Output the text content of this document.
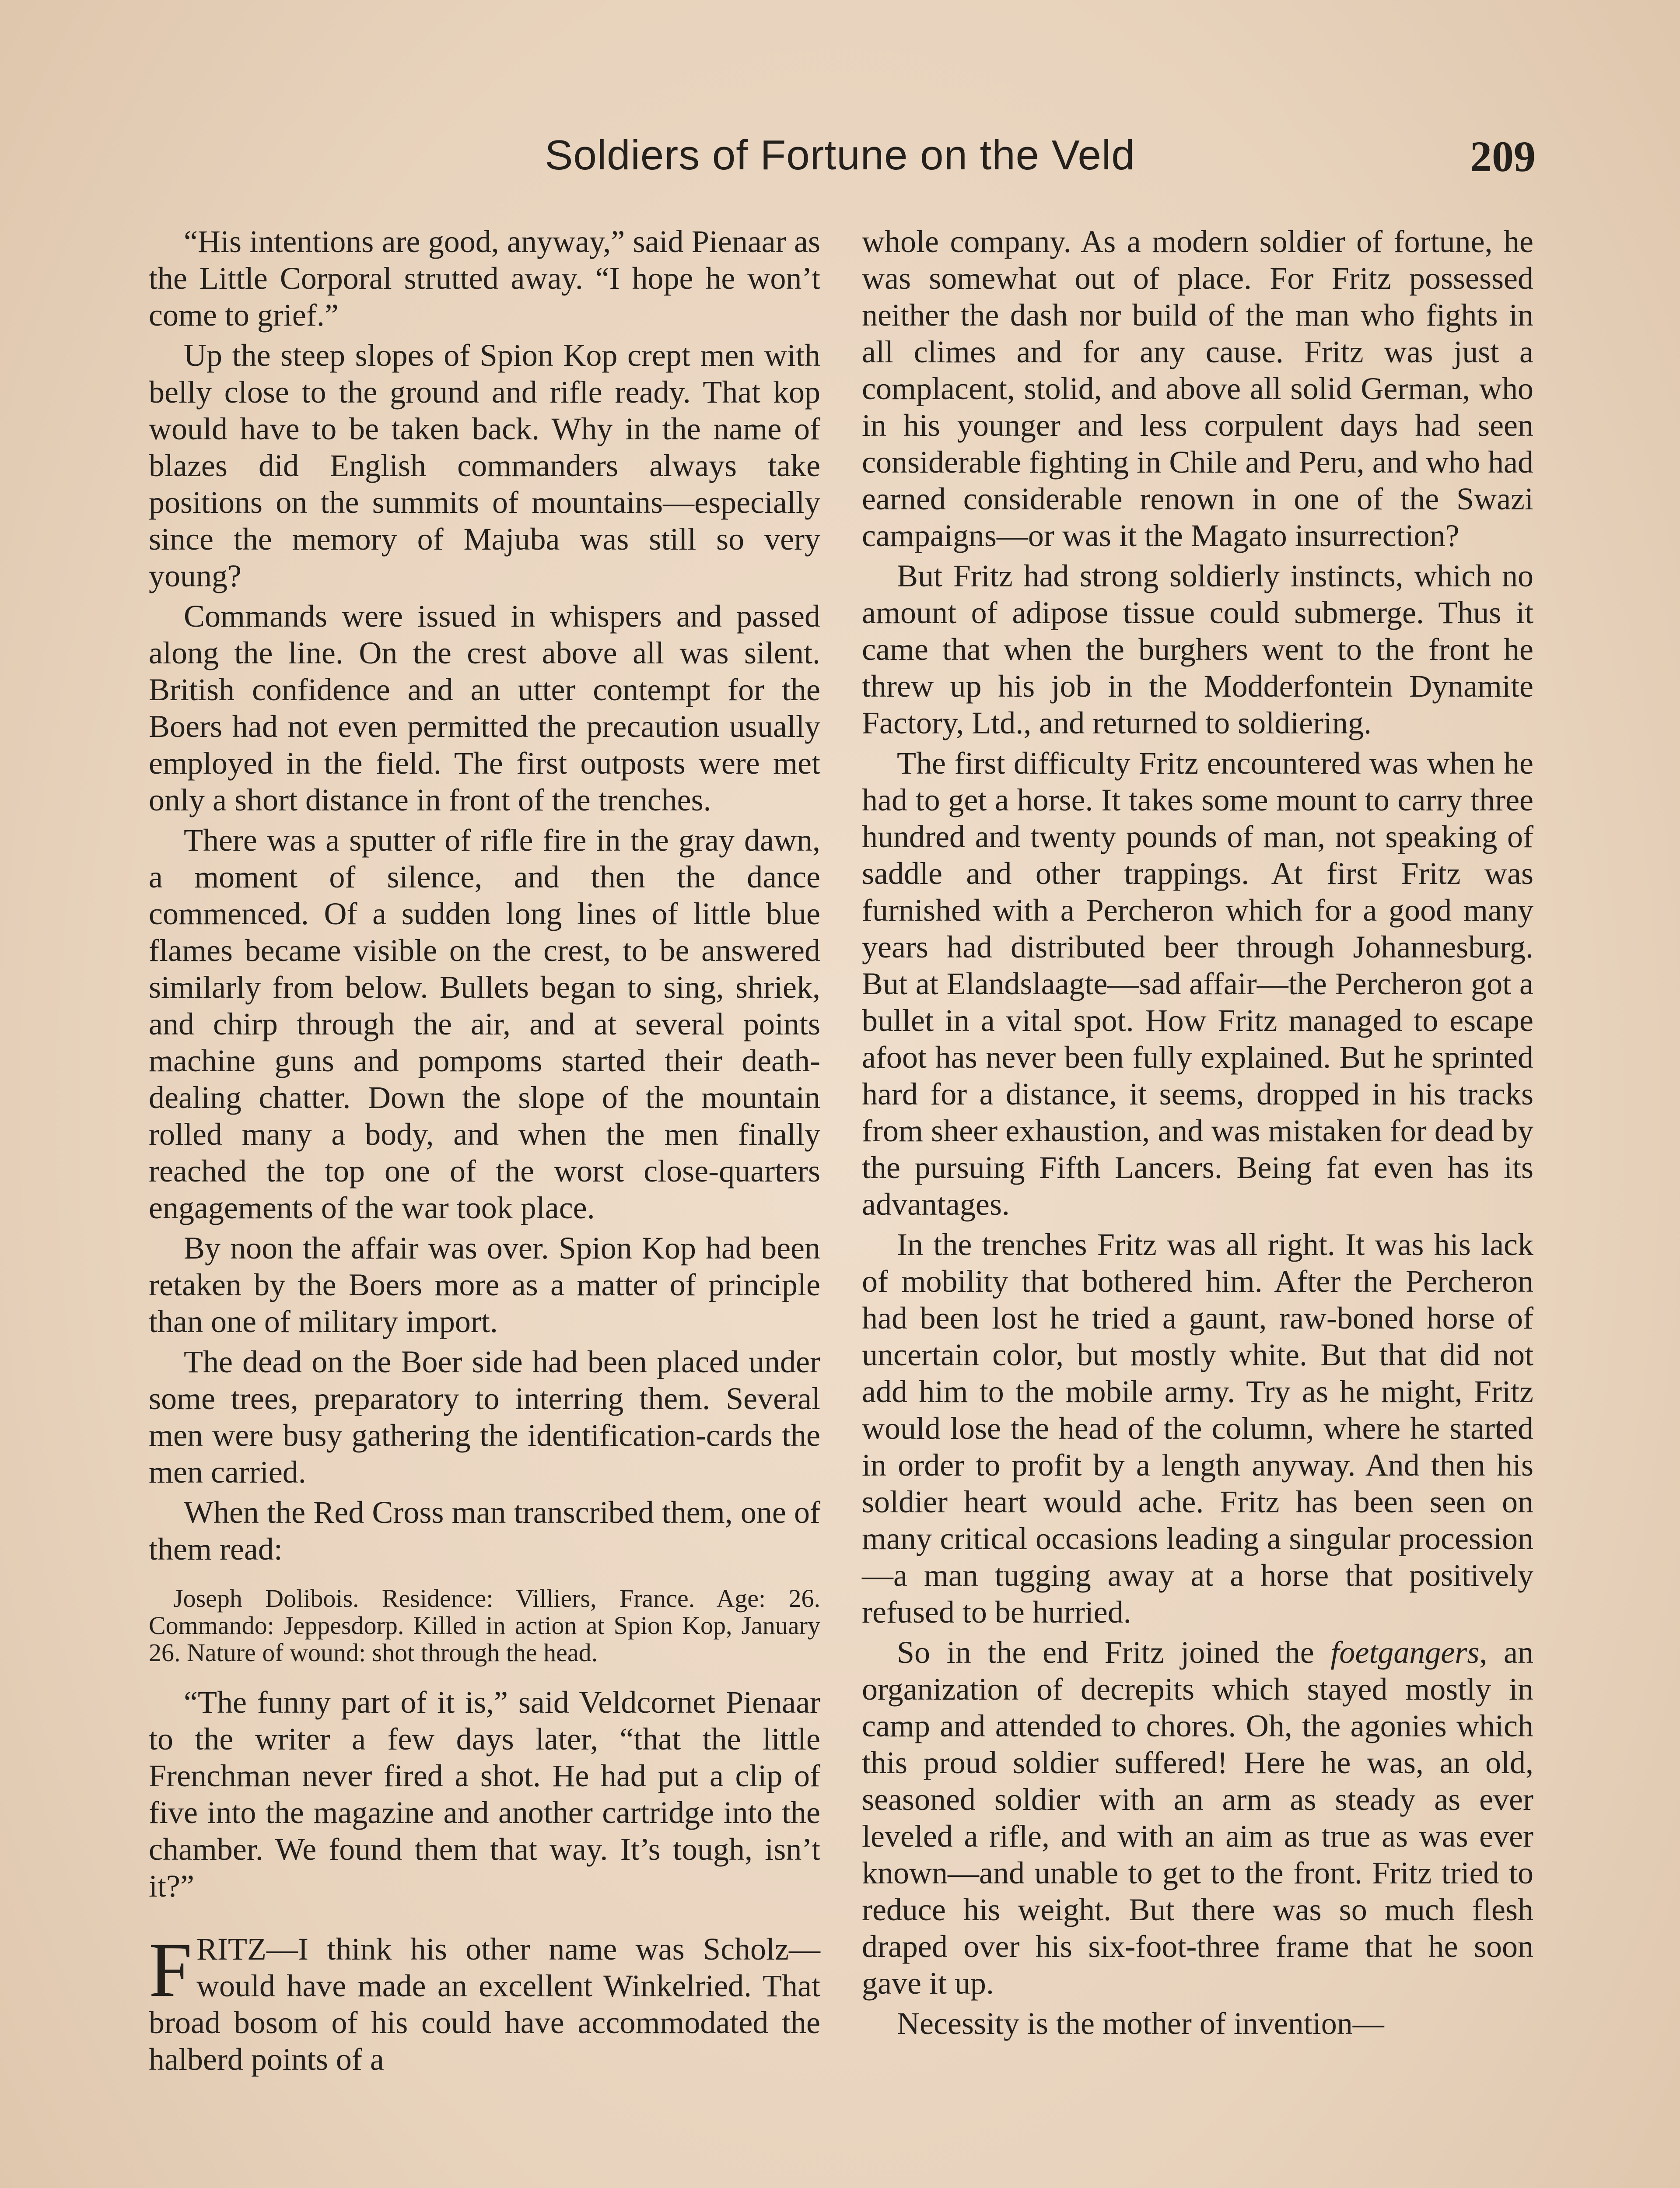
Soldiers of Fortune on the Veld	209

“His intentions are good, anyway,” said Pienaar as the Little Corporal strutted away. “I hope he won’t come to grief.”

Up the steep slopes of Spion Kop crept men with belly close to the ground and rifle ready. That kop would have to be taken back. Why in the name of blazes did English commanders always take positions on the summits of mountains—especially since the memory of Majuba was still so very young?

Commands were issued in whispers and passed along the line. On the crest above all was silent. British confidence and an utter contempt for the Boers had not even permitted the precaution usually employed in the field. The first outposts were met only a short distance in front of the trenches.

There was a sputter of rifle fire in the gray dawn, a moment of silence, and then the dance commenced. Of a sudden long lines of little blue flames became visible on the crest, to be answered similarly from below. Bullets began to sing, shriek, and chirp through the air, and at several points machine guns and pompoms started their death-dealing chatter. Down the slope of the mountain rolled many a body, and when the men finally reached the top one of the worst close-quarters engagements of the war took place.

By noon the affair was over. Spion Kop had been retaken by the Boers more as a matter of principle than one of military import.

The dead on the Boer side had been placed under some trees, preparatory to interring them. Several men were busy gathering the identification-cards the men carried.

When the Red Cross man transcribed them, one of them read:

Joseph Dolibois. Residence: Villiers, France. Age: 26. Commando: Jeppesdorp. Killed in action at Spion Kop, January 26. Nature of wound: shot through the head.

“The funny part of it is,” said Veldcornet Pienaar to the writer a few days later, “that the little Frenchman never fired a shot. He had put a clip of five into the magazine and another cartridge into the chamber. We found them that way. It’s tough, isn’t it?”

FRITZ—I think his other name was Scholz—would have made an excellent Winkelried. That broad bosom of his could have accommodated the halberd points of a

whole company. As a modern soldier of fortune, he was somewhat out of place. For Fritz possessed neither the dash nor build of the man who fights in all climes and for any cause. Fritz was just a complacent, stolid, and above all solid German, who in his younger and less corpulent days had seen considerable fighting in Chile and Peru, and who had earned considerable renown in one of the Swazi campaigns—or was it the Magato insurrection?

But Fritz had strong soldierly instincts, which no amount of adipose tissue could submerge. Thus it came that when the burghers went to the front he threw up his job in the Modderfontein Dynamite Factory, Ltd., and returned to soldiering.

The first difficulty Fritz encountered was when he had to get a horse. It takes some mount to carry three hundred and twenty pounds of man, not speaking of saddle and other trappings. At first Fritz was furnished with a Percheron which for a good many years had distributed beer through Johannesburg. But at Elandslaagte—sad affair—the Percheron got a bullet in a vital spot. How Fritz managed to escape afoot has never been fully explained. But he sprinted hard for a distance, it seems, dropped in his tracks from sheer exhaustion, and was mistaken for dead by the pursuing Fifth Lancers. Being fat even has its advantages.

In the trenches Fritz was all right. It was his lack of mobility that bothered him. After the Percheron had been lost he tried a gaunt, raw-boned horse of uncertain color, but mostly white. But that did not add him to the mobile army. Try as he might, Fritz would lose the head of the column, where he started in order to profit by a length anyway. And then his soldier heart would ache. Fritz has been seen on many critical occasions leading a singular procession—a man tugging away at a horse that positively refused to be hurried.

So in the end Fritz joined the foetgangers, an organization of decrepits which stayed mostly in camp and attended to chores. Oh, the agonies which this proud soldier suffered! Here he was, an old, seasoned soldier with an arm as steady as ever leveled a rifle, and with an aim as true as was ever known—and unable to get to the front. Fritz tried to reduce his weight. But there was so much flesh draped over his six-foot-three frame that he soon gave it up.

Necessity is the mother of invention—
